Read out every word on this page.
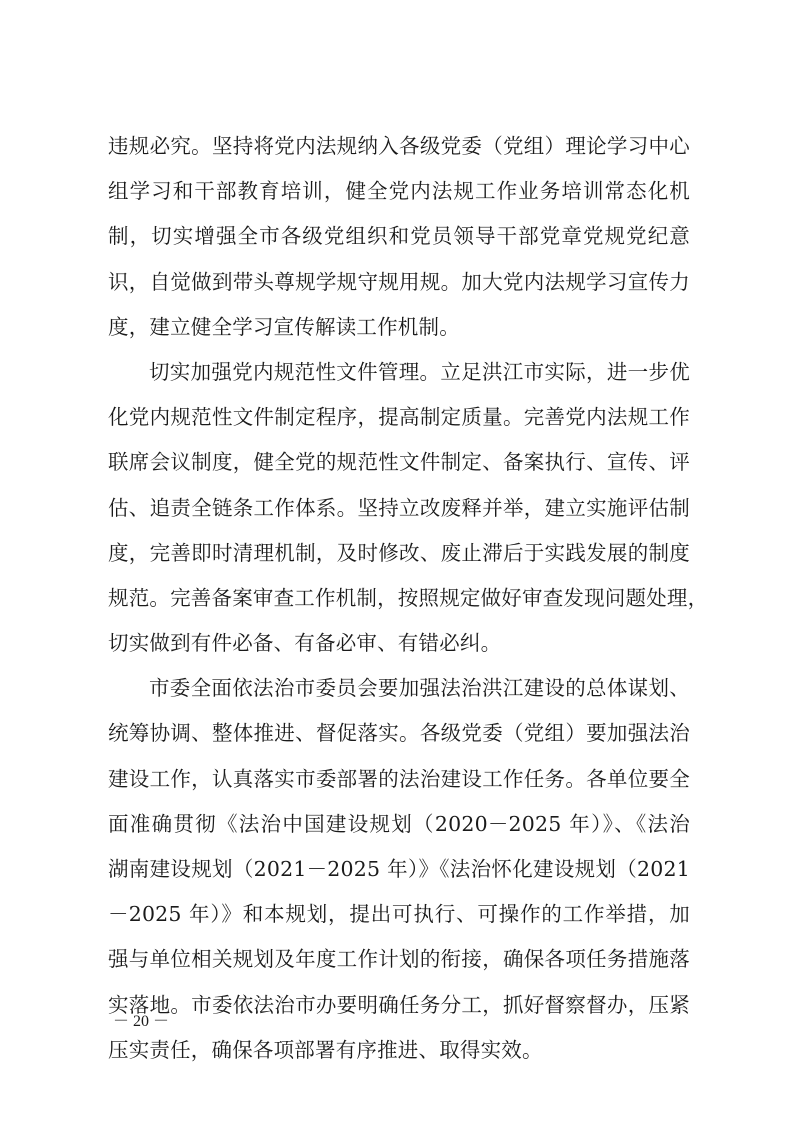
违规必究。坚持将党内法规纳入各级党委（党组）理论学习中心
组学习和干部教育培训，健全党内法规工作业务培训常态化机
制，切实增强全市各级党组织和党员领导干部党章党规党纪意
识，自觉做到带头尊规学规守规用规。加大党内法规学习宣传力
度，建立健全学习宣传解读工作机制。
切实加强党内规范性文件管理。立足洪江市实际，进一步优
化党内规范性文件制定程序，提高制定质量。完善党内法规工作
联席会议制度，健全党的规范性文件制定、备案执行、宣传、评
估、追责全链条工作体系。坚持立改废释并举，建立实施评估制
度，完善即时清理机制，及时修改、废止滞后于实践发展的制度
规范。完善备案审查工作机制，按照规定做好审查发现问题处理，
切实做到有件必备、有备必审、有错必纠。
市委全面依法治市委员会要加强法治洪江建设的总体谋划、
统筹协调、整体推进、督促落实。各级党委（党组）要加强法治
建设工作，认真落实市委部署的法治建设工作任务。各单位要全
面准确贯彻《法治中国建设规划（2020－2025 年）》、《法治
湖南建设规划（2021－2025 年）》《法治怀化建设规划（2021
－2025 年）》和本规划，提出可执行、可操作的工作举措，加
强与单位相关规划及年度工作计划的衔接，确保各项任务措施落
实落地。市委依法治市办要明确任务分工，抓好督察督办，压紧
压实责任，确保各项部署有序推进、取得实效。
－ 20 －
